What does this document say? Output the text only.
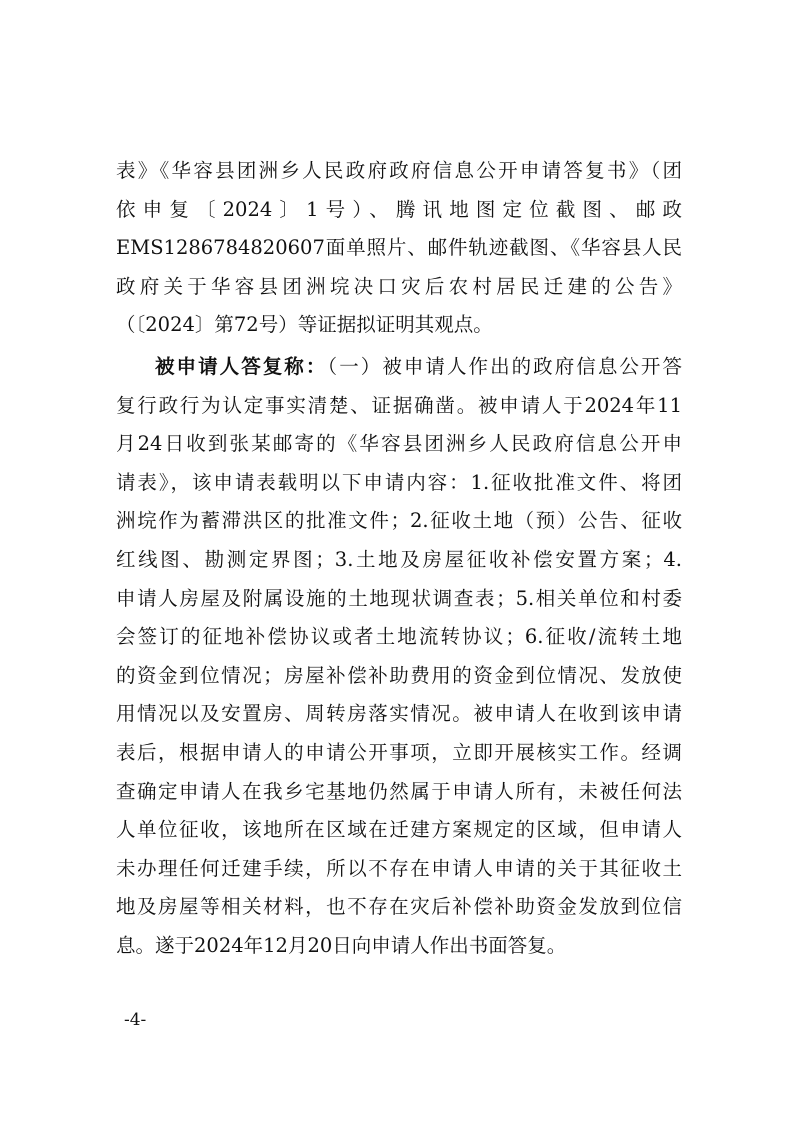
表》《华容县团洲乡人民政府政府信息公开申请答复书》（团
依申复〔2024〕1号）、腾讯地图定位截图、邮政
EMS1286784820607面单照片、邮件轨迹截图、《华容县人民
政府关于华容县团洲垸决口灾后农村居民迁建的公告》
（〔2024〕第72号）等证据拟证明其观点。
被申请人答复称：（一）被申请人作出的政府信息公开答
复行政行为认定事实清楚、证据确凿。被申请人于2024年11
月24日收到张某邮寄的《华容县团洲乡人民政府信息公开申
请表》，该申请表载明以下申请内容：1.征收批准文件、将团
洲垸作为蓄滞洪区的批准文件；2.征收土地（预）公告、征收
红线图、勘测定界图；3.土地及房屋征收补偿安置方案；4.
申请人房屋及附属设施的土地现状调查表；5.相关单位和村委
会签订的征地补偿协议或者土地流转协议；6.征收/流转土地
的资金到位情况；房屋补偿补助费用的资金到位情况、发放使
用情况以及安置房、周转房落实情况。被申请人在收到该申请
表后，根据申请人的申请公开事项，立即开展核实工作。经调
查确定申请人在我乡宅基地仍然属于申请人所有，未被任何法
人单位征收，该地所在区域在迁建方案规定的区域，但申请人
未办理任何迁建手续，所以不存在申请人申请的关于其征收土
地及房屋等相关材料，也不存在灾后补偿补助资金发放到位信
息。遂于2024年12月20日向申请人作出书面答复。
-4-
